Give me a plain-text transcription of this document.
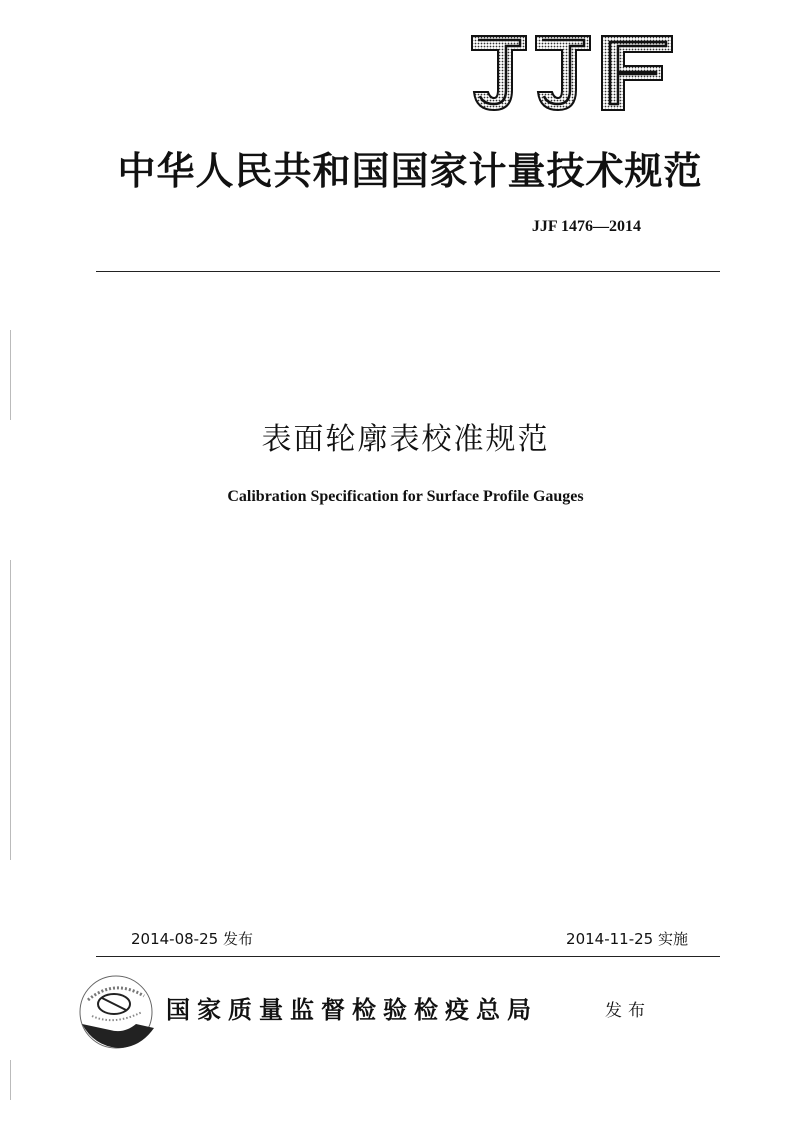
中华人民共和国国家计量技术规范
JJF 1476—2014
表面轮廓表校准规范
Calibration Specification for Surface Profile Gauges
2014-08-25 发布	2014-11-25 实施
国家质量监督检验检疫总局	发布
